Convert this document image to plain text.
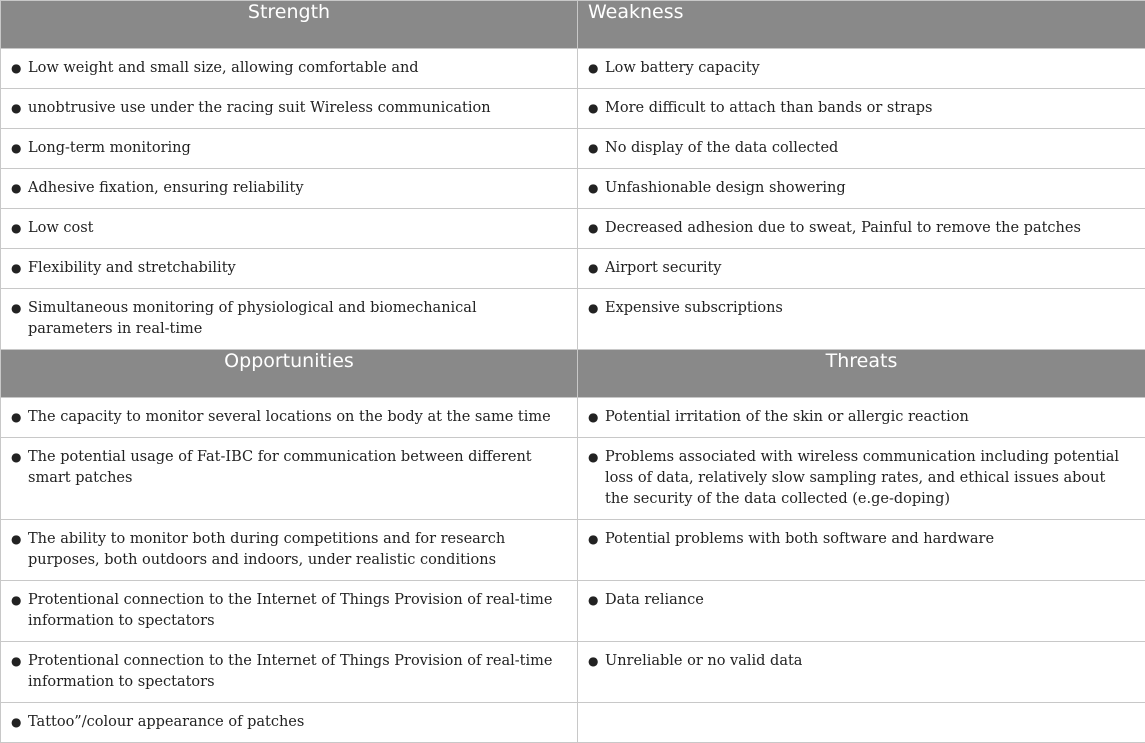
Strength	Weakness

● Low weight and small size, allowing comfortable and	● Low battery capacity

● unobtrusive use under the racing suit Wireless communication	● More difficult to attach than bands or straps

● Long-term monitoring	● No display of the data collected

● Adhesive fixation, ensuring reliability	● Unfashionable design showering

● Low cost	● Decreased adhesion due to sweat, Painful to remove the patches

● Flexibility and stretchability	● Airport security

● Simultaneous monitoring of physiological and biomechanical parameters in real-time	● Expensive subscriptions

Opportunities	Threats

● The capacity to monitor several locations on the body at the same time	● Potential irritation of the skin or allergic reaction

● The potential usage of Fat-IBC for communication between different smart patches	● Problems associated with wireless communication including potential loss of data, relatively slow sampling rates, and ethical issues about the security of the data collected (e.ge-doping)

● The ability to monitor both during competitions and for research purposes, both outdoors and indoors, under realistic conditions	● Potential problems with both software and hardware

● Protentional connection to the Internet of Things Provision of real-time information to spectators	● Data reliance

● Protentional connection to the Internet of Things Provision of real-time information to spectators	● Unreliable or no valid data

● Tattoo”/colour appearance of patches	
